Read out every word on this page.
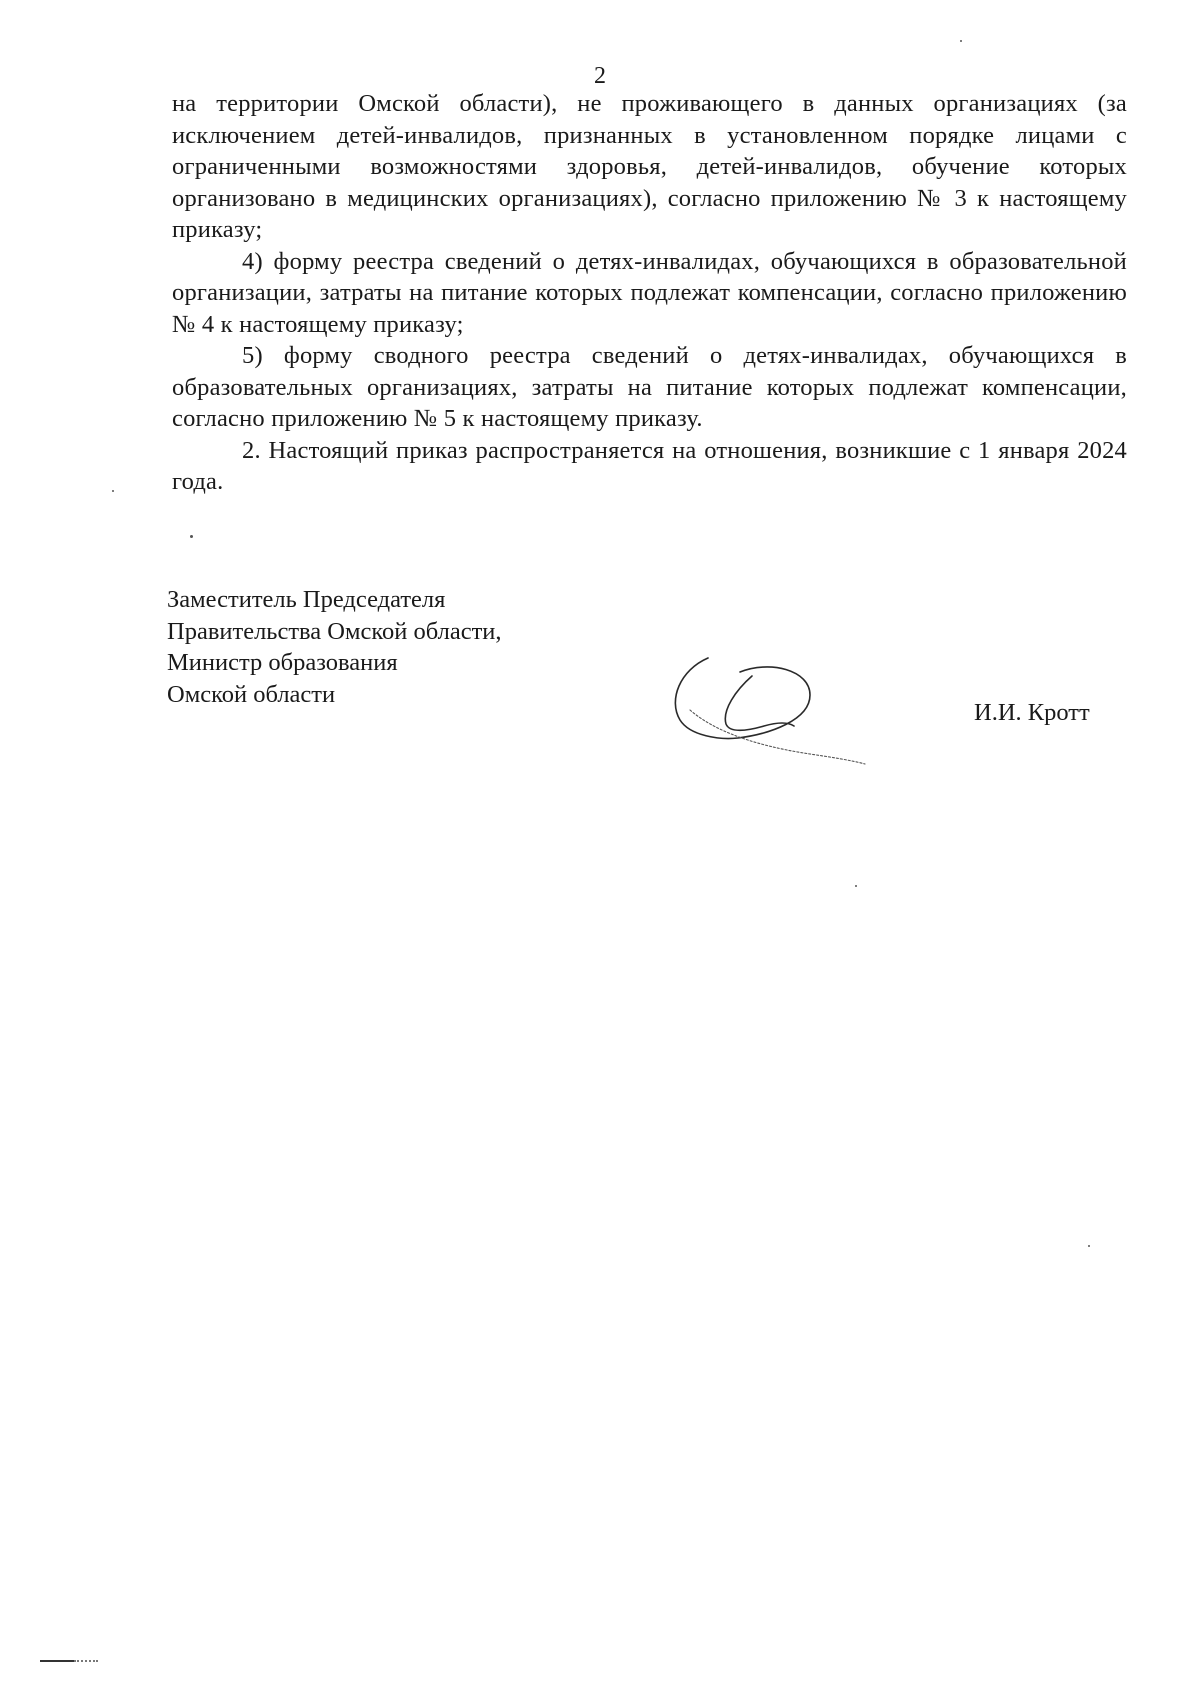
2

на территории Омской области), не проживающего в данных организациях (за исключением детей-инвалидов, признанных в установленном порядке лицами с ограниченными возможностями здоровья, детей-инвалидов, обучение которых организовано в медицинских организациях), согласно приложению № 3 к настоящему приказу;

4) форму реестра сведений о детях-инвалидах, обучающихся в образовательной организации, затраты на питание которых подлежат компенсации, согласно приложению № 4 к настоящему приказу;

5) форму сводного реестра сведений о детях-инвалидах, обучающихся в образовательных организациях, затраты на питание которых подлежат компенсации, согласно приложению № 5 к настоящему приказу.

2. Настоящий приказ распространяется на отношения, возникшие с 1 января 2024 года.

Заместитель Председателя
Правительства Омской области,
Министр образования
Омской области
И.И. Кротт
